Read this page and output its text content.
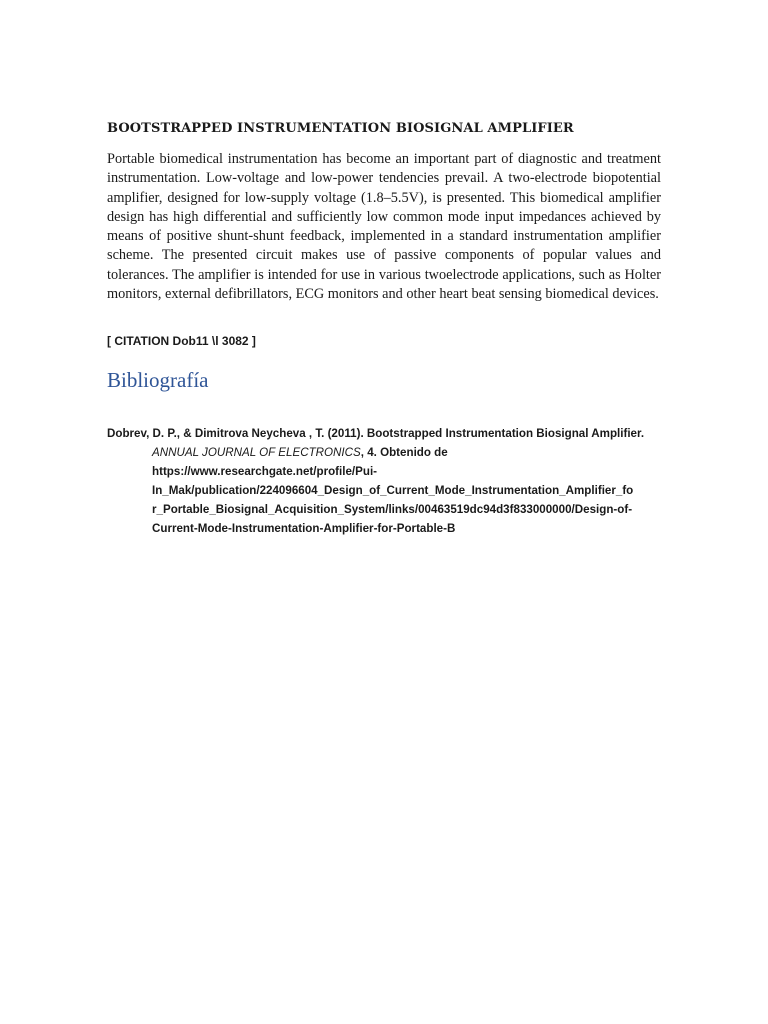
BOOTSTRAPPED INSTRUMENTATION BIOSIGNAL AMPLIFIER

Portable biomedical instrumentation has become an important part of diagnostic and treatment instrumentation. Low-voltage and low-power tendencies prevail. A two-electrode biopotential amplifier, designed for low-supply voltage (1.8–5.5V), is presented. This biomedical amplifier design has high differential and sufficiently low common mode input impedances achieved by means of positive shunt-shunt feedback, implemented in a standard instrumentation amplifier scheme. The presented circuit makes use of passive components of popular values and tolerances. The amplifier is intended for use in various twoelectrode applications, such as Holter monitors, external defibrillators, ECG monitors and other heart beat sensing biomedical devices.

[ CITATION Dob11 \l 3082 ]
Bibliografía
Dobrev, D. P., & Dimitrova Neycheva , T. (2011). Bootstrapped Instrumentation Biosignal Amplifier.
ANNUAL JOURNAL OF ELECTRONICS, 4. Obtenido de
https://www.researchgate.net/profile/Pui-
In_Mak/publication/224096604_Design_of_Current_Mode_Instrumentation_Amplifier_fo
r_Portable_Biosignal_Acquisition_System/links/00463519dc94d3f833000000/Design-of-
Current-Mode-Instrumentation-Amplifier-for-Portable-B
